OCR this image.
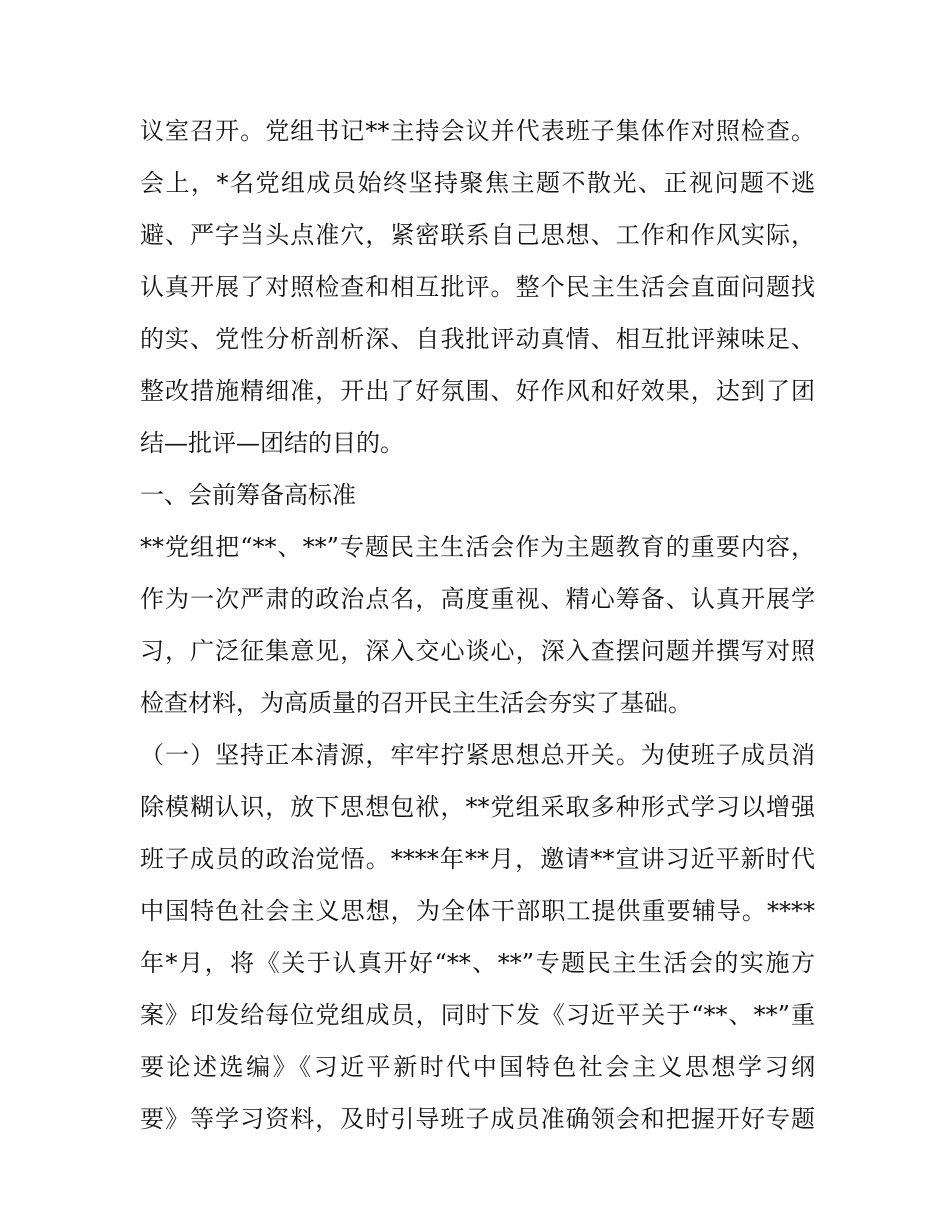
议室召开。党组书记**主持会议并代表班子集体作对照检查。
会上，*名党组成员始终坚持聚焦主题不散光、正视问题不逃
避、严字当头点准穴，紧密联系自己思想、工作和作风实际，
认真开展了对照检查和相互批评。整个民主生活会直面问题找
的实、党性分析剖析深、自我批评动真情、相互批评辣味足、
整改措施精细准，开出了好氛围、好作风和好效果，达到了团
结—批评—团结的目的。
一、会前筹备高标准
**党组把“**、**”专题民主生活会作为主题教育的重要内容，
作为一次严肃的政治点名，高度重视、精心筹备、认真开展学
习，广泛征集意见，深入交心谈心，深入查摆问题并撰写对照
检查材料，为高质量的召开民主生活会夯实了基础。
（一）坚持正本清源，牢牢拧紧思想总开关。为使班子成员消
除模糊认识，放下思想包袱，**党组采取多种形式学习以增强
班子成员的政治觉悟。****年**月，邀请**宣讲习近平新时代
中国特色社会主义思想，为全体干部职工提供重要辅导。****
年*月，将《关于认真开好“**、**”专题民主生活会的实施方
案》印发给每位党组成员，同时下发《习近平关于“**、**”重
要论述选编》《习近平新时代中国特色社会主义思想学习纲
要》等学习资料，及时引导班子成员准确领会和把握开好专题
